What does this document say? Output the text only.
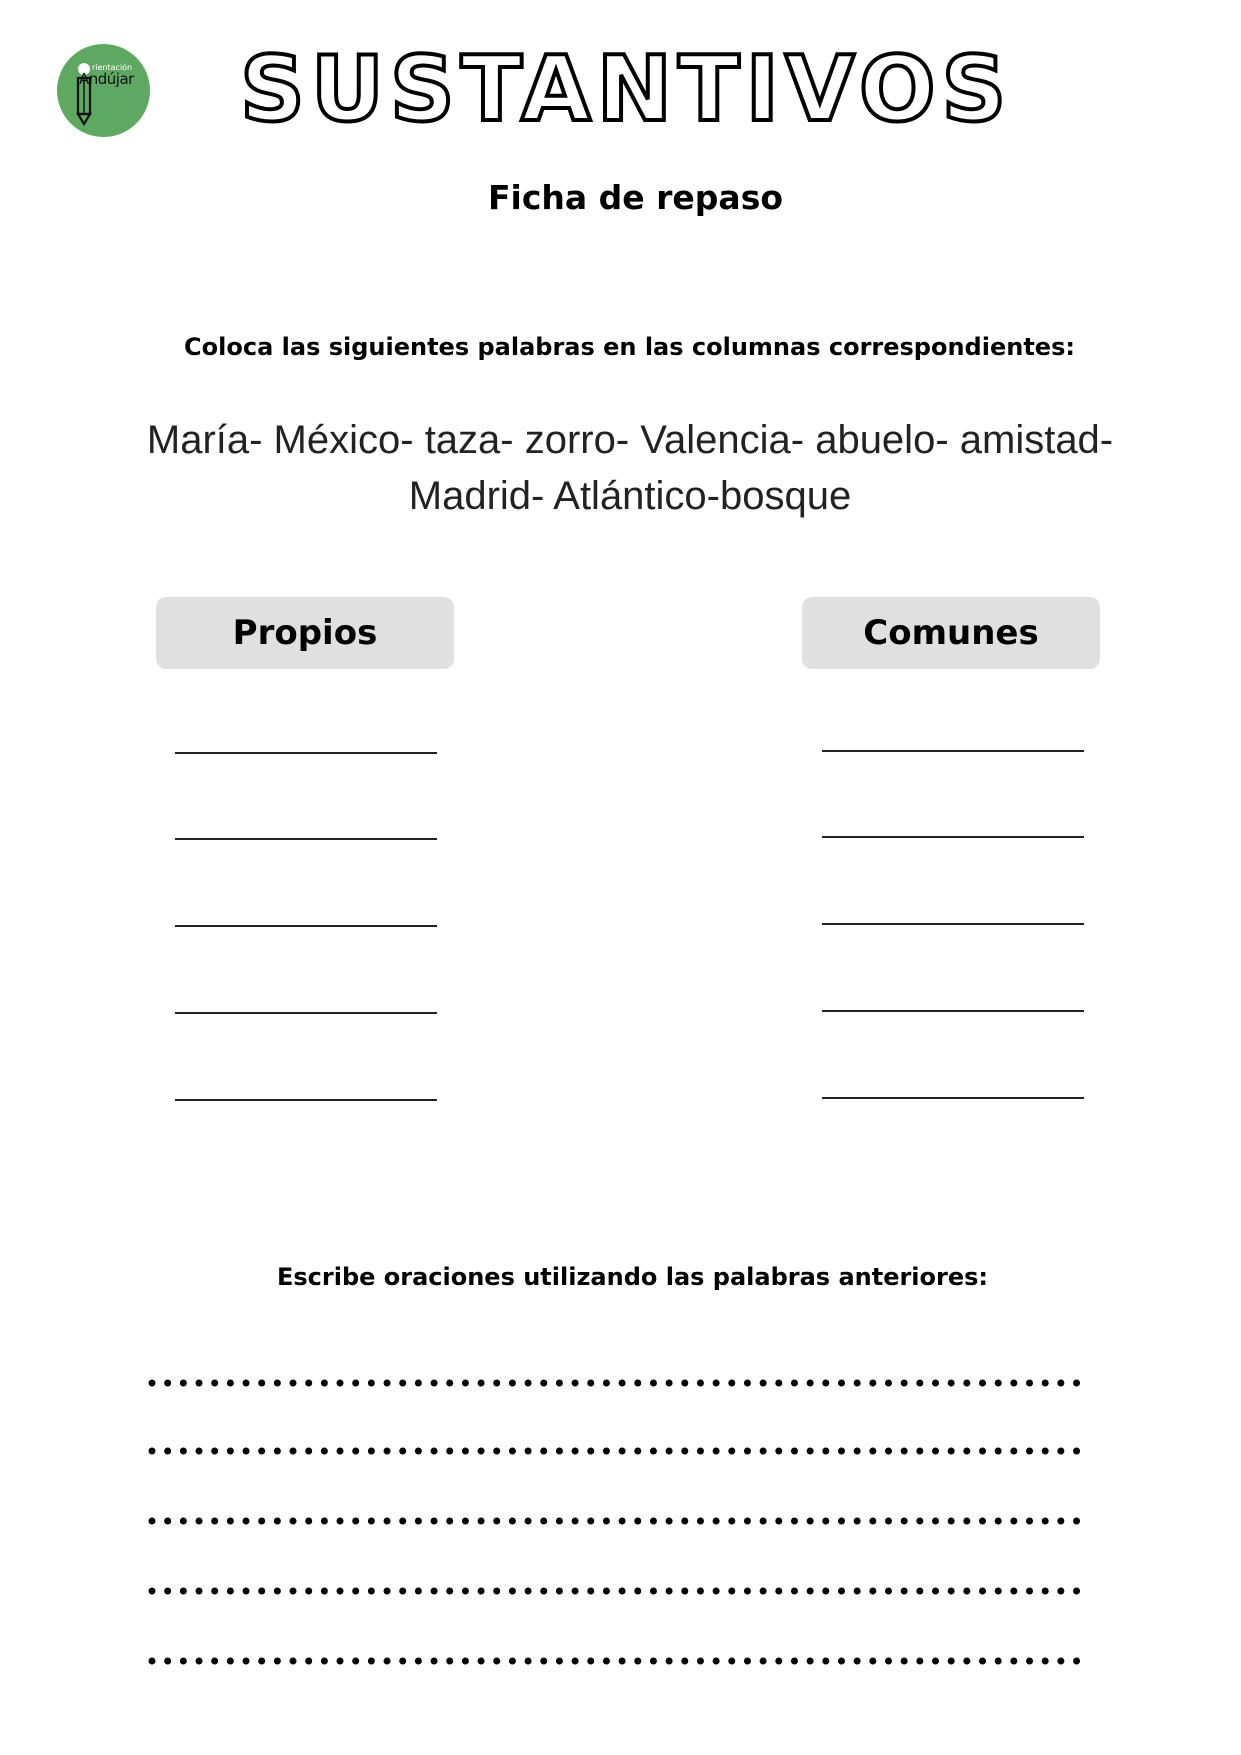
rientación
Andújar SUSTANTIVOS
Ficha de repaso
Coloca las siguientes palabras en las columnas correspondientes:
María- México- taza- zorro- Valencia- abuelo- amistad-
Madrid- Atlántico-bosque
Propios	Comunes
Escribe oraciones utilizando las palabras anteriores:
